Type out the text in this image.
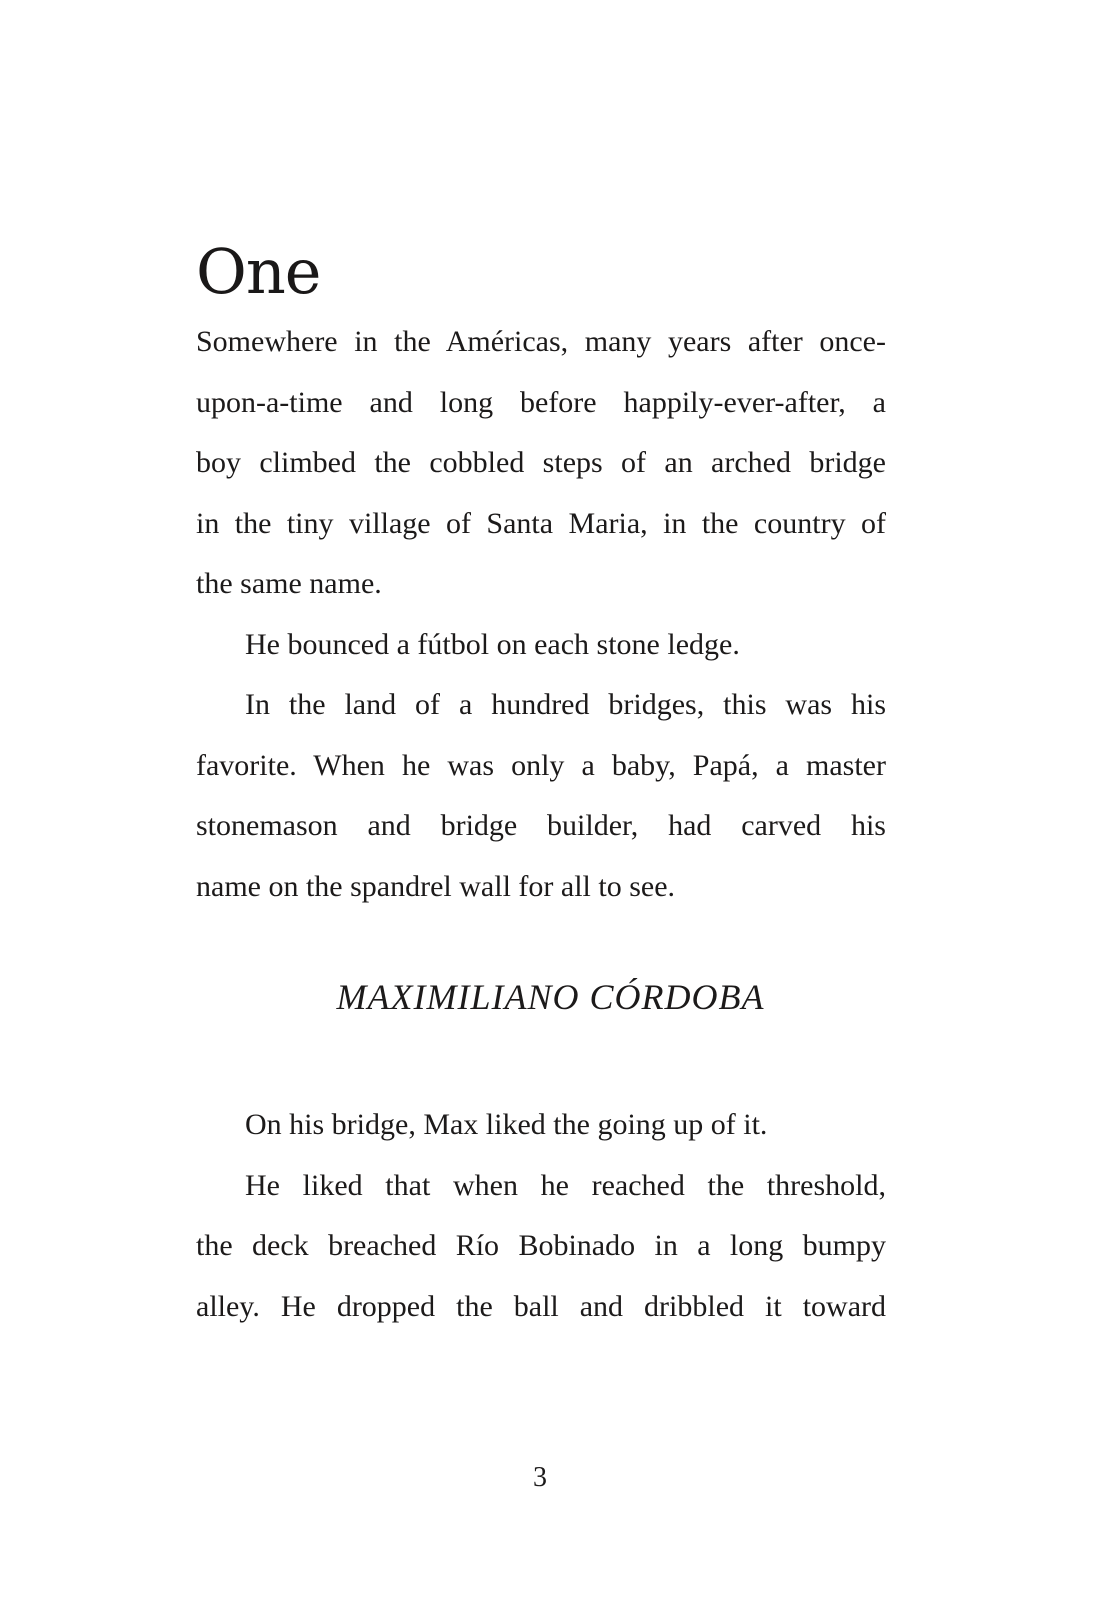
One

Somewhere in the Américas, many years after once-
upon-a-time and long before happily-ever-after, a
boy climbed the cobbled steps of an arched bridge
in the tiny village of Santa Maria, in the country of
the same name.

He bounced a fútbol on each stone ledge.

In the land of a hundred bridges, this was his
favorite. When he was only a baby, Papá, a master
stonemason and bridge builder, had carved his
name on the spandrel wall for all to see.

MAXIMILIANO CÓRDOBA

On his bridge, Max liked the going up of it.

He liked that when he reached the threshold,
the deck breached Río Bobinado in a long bumpy
alley. He dropped the ball and dribbled it toward

3
